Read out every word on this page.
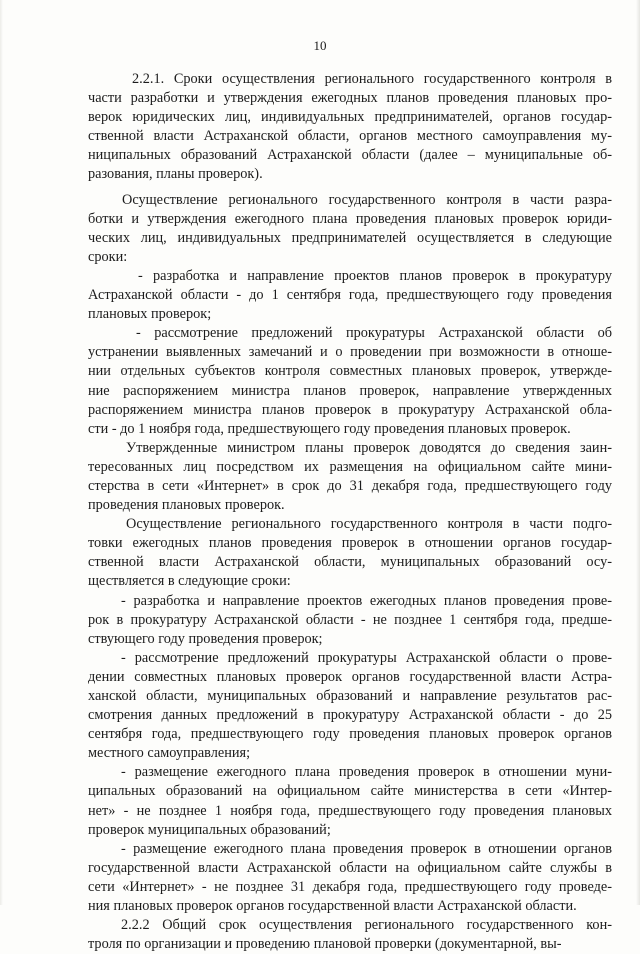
10
2.2.1. Сроки осуществления регионального государственного контроля в
части разработки и утверждения ежегодных планов проведения плановых про-
верок юридических лиц, индивидуальных предпринимателей, органов государ-
ственной власти Астраханской области, органов местного самоуправления му-
ниципальных образований Астраханской области (далее – муниципальные об-
разования, планы проверок).
Осуществление регионального государственного контроля в части разра-
ботки и утверждения ежегодного плана проведения плановых проверок юриди-
ческих лиц, индивидуальных предпринимателей осуществляется в следующие
сроки:
- разработка и направление проектов планов проверок в прокуратуру
Астраханской области - до 1 сентября года, предшествующего году проведения
плановых проверок;
- рассмотрение предложений прокуратуры Астраханской области об
устранении выявленных замечаний и о проведении при возможности в отноше-
нии отдельных субъектов контроля совместных плановых проверок, утвержде-
ние распоряжением министра планов проверок, направление утвержденных
распоряжением министра планов проверок в прокуратуру Астраханской обла-
сти - до 1 ноября года, предшествующего году проведения плановых проверок.
Утвержденные министром планы проверок доводятся до сведения заин-
тересованных лиц посредством их размещения на официальном сайте мини-
стерства в сети «Интернет» в срок до 31 декабря года, предшествующего году
проведения плановых проверок.
Осуществление регионального государственного контроля в части подго-
товки ежегодных планов проведения проверок в отношении органов государ-
ственной власти Астраханской области, муниципальных образований осу-
ществляется в следующие сроки:
- разработка и направление проектов ежегодных планов проведения прове-
рок в прокуратуру Астраханской области - не позднее 1 сентября года, предше-
ствующего году проведения проверок;
- рассмотрение предложений прокуратуры Астраханской области о прове-
дении совместных плановых проверок органов государственной власти Астра-
ханской области, муниципальных образований и направление результатов рас-
смотрения данных предложений в прокуратуру Астраханской области - до 25
сентября года, предшествующего году проведения плановых проверок органов
местного самоуправления;
- размещение ежегодного плана проведения проверок в отношении муни-
ципальных образований на официальном сайте министерства в сети «Интер-
нет» - не позднее 1 ноября года, предшествующего году проведения плановых
проверок муниципальных образований;
- размещение ежегодного плана проведения проверок в отношении органов
государственной власти Астраханской области на официальном сайте службы в
сети «Интернет» - не позднее 31 декабря года, предшествующего году проведе-
ния плановых проверок органов государственной власти Астраханской области.
2.2.2 Общий срок осуществления регионального государственного кон-
троля по организации и проведению плановой проверки (документарной, вы-
